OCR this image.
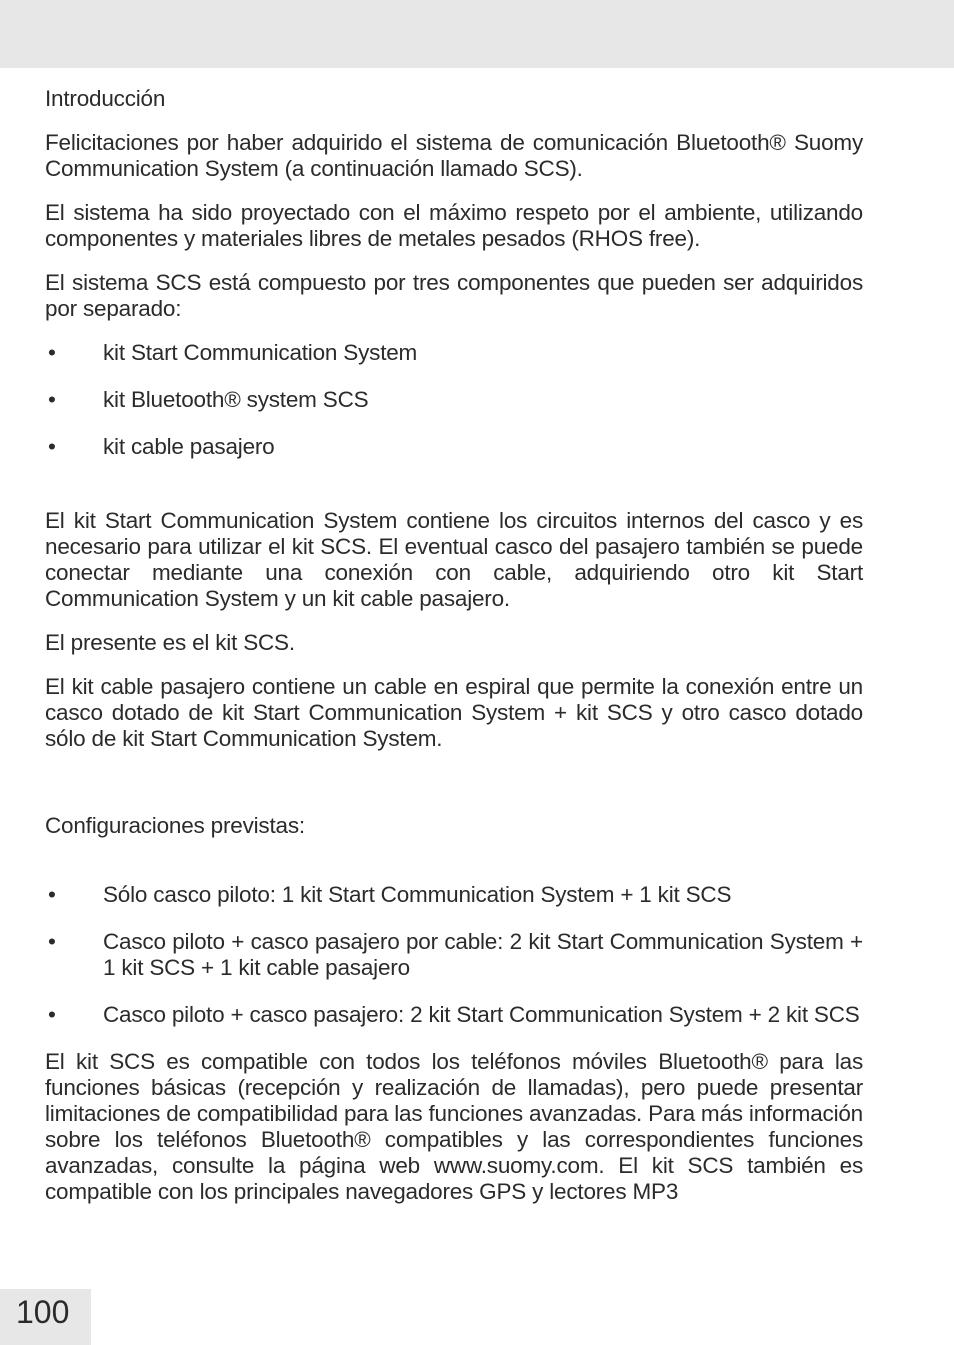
Introducción

Felicitaciones por haber adquirido el sistema de comunicación Bluetooth® Suomy Communication System (a continuación llamado SCS).

El sistema ha sido proyectado con el máximo respeto por el ambiente, utilizando componentes y materiales libres de metales pesados (RHOS free).

El sistema SCS está compuesto por tres componentes que pueden ser adquiridos por separado:

• kit Start Communication System
• kit Bluetooth® system SCS
• kit cable pasajero

El kit Start Communication System contiene los circuitos internos del casco y es necesario para utilizar el kit SCS. El eventual casco del pasajero también se puede conectar mediante una conexión con cable, adquiriendo otro kit Start Communication System y un kit cable pasajero.

El presente es el kit SCS.

El kit cable pasajero contiene un cable en espiral que permite la conexión entre un casco dotado de kit Start Communication System + kit SCS y otro casco dotado sólo de kit Start Communication System.

Configuraciones previstas:
• Sólo casco piloto: 1 kit Start Communication System + 1 kit SCS
• Casco piloto + casco pasajero por cable: 2 kit Start Communication System + 1 kit SCS + 1 kit cable pasajero
• Casco piloto + casco pasajero: 2 kit Start Communication System + 2 kit SCS

El kit SCS es compatible con todos los teléfonos móviles Bluetooth® para las funciones básicas (recepción y realización de llamadas), pero puede presentar limitaciones de compatibilidad para las funciones avanzadas. Para más información sobre los teléfonos Bluetooth® compatibles y las correspondientes funciones avanzadas, consulte la página web www.suomy.com. El kit SCS también es compatible con los principales navegadores GPS y lectores MP3

100
